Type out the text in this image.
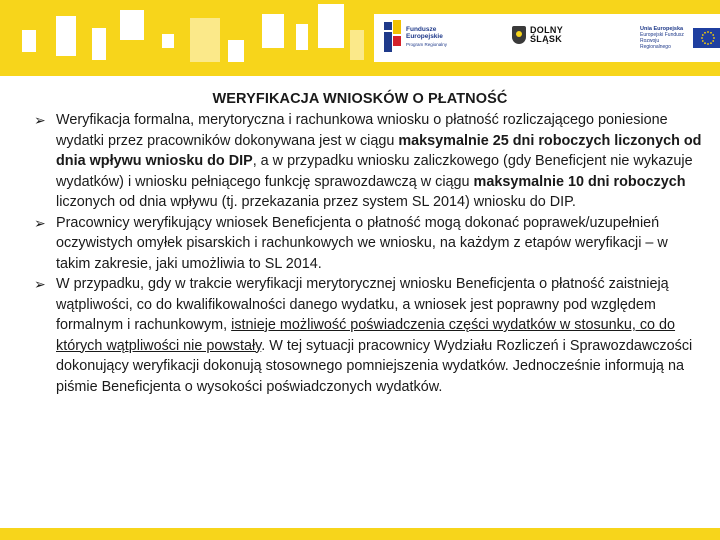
Fundusze
Europejskie
Program Regionalny
DOLNY
ŚLĄSK
Unia Europejska
Europejski Fundusz
Rozwoju Regionalnego
WERYFIKACJA WNIOSKÓW O PŁATNOŚĆ
➢ Weryfikacja formalna, merytoryczna i rachunkowa wniosku o płatność rozliczającego poniesione wydatki przez pracowników dokonywana jest w ciągu maksymalnie 25 dni roboczych liczonych od dnia wpływu wniosku do DIP, a w przypadku wniosku zaliczkowego (gdy Beneficjent nie wykazuje wydatków) i wniosku pełniącego funkcję sprawozdawczą w ciągu maksymalnie 10 dni roboczych liczonych od dnia wpływu (tj. przekazania przez system SL 2014) wniosku do DIP.
➢ Pracownicy weryfikujący wniosek Beneficjenta o płatność mogą dokonać poprawek/uzupełnień oczywistych omyłek pisarskich i rachunkowych we wniosku, na każdym z etapów weryfikacji – w takim zakresie, jaki umożliwia to SL 2014.
➢ W przypadku, gdy w trakcie weryfikacji merytorycznej wniosku Beneficjenta o płatność zaistnieją wątpliwości, co do kwalifikowalności danego wydatku, a wniosek jest poprawny pod względem formalnym i rachunkowym, istnieje możliwość poświadczenia części wydatków w stosunku, co do których wątpliwości nie powstały. W tej sytuacji pracownicy Wydziału Rozliczeń i Sprawozdawczości dokonujący weryfikacji dokonują stosownego pomniejszenia wydatków. Jednocześnie informują na piśmie Beneficjenta o wysokości poświadczonych wydatków.
